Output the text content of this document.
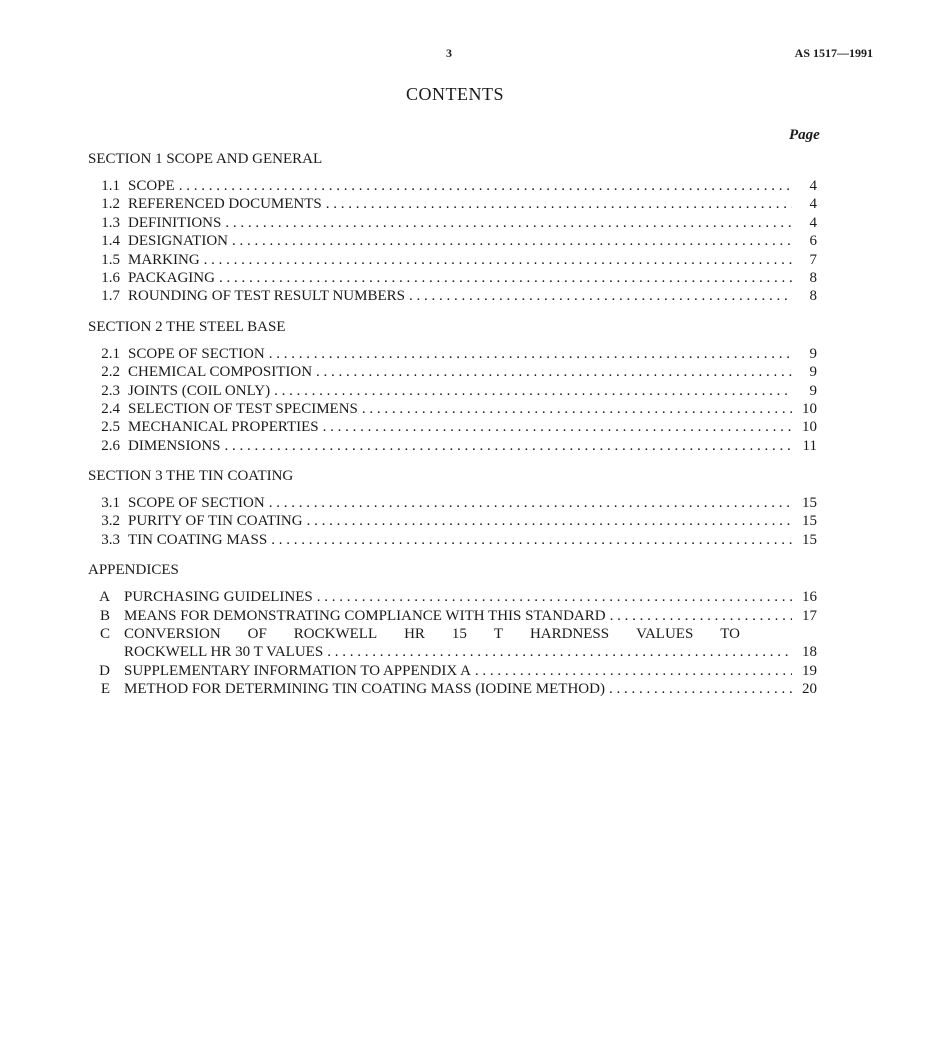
3	AS 1517—1991
CONTENTS
Page
SECTION 1 SCOPE AND GENERAL
1.1 SCOPE . . .	4
1.2 REFERENCED DOCUMENTS . . .	4
1.3 DEFINITIONS . . .	4
1.4 DESIGNATION . . .	6
1.5 MARKING . . .	7
1.6 PACKAGING . . .	8
1.7 ROUNDING OF TEST RESULT NUMBERS . . .	8
SECTION 2 THE STEEL BASE
2.1 SCOPE OF SECTION . . .	9
2.2 CHEMICAL COMPOSITION . . .	9
2.3 JOINTS (COIL ONLY) . . .	9
2.4 SELECTION OF TEST SPECIMENS . . .	10
2.5 MECHANICAL PROPERTIES . . .	10
2.6 DIMENSIONS . . .	11
SECTION 3 THE TIN COATING
3.1 SCOPE OF SECTION . . .	15
3.2 PURITY OF TIN COATING . . .	15
3.3 TIN COATING MASS . . .	15
APPENDICES
A PURCHASING GUIDELINES . . .	16
B MEANS FOR DEMONSTRATING COMPLIANCE WITH THIS STANDARD . . .	17
C CONVERSION OF ROCKWELL HR 15 T HARDNESS VALUES TO
ROCKWELL HR 30 T VALUES . . .	18
D SUPPLEMENTARY INFORMATION TO APPENDIX A . . .	19
E METHOD FOR DETERMINING TIN COATING MASS (IODINE METHOD) . . .	20
